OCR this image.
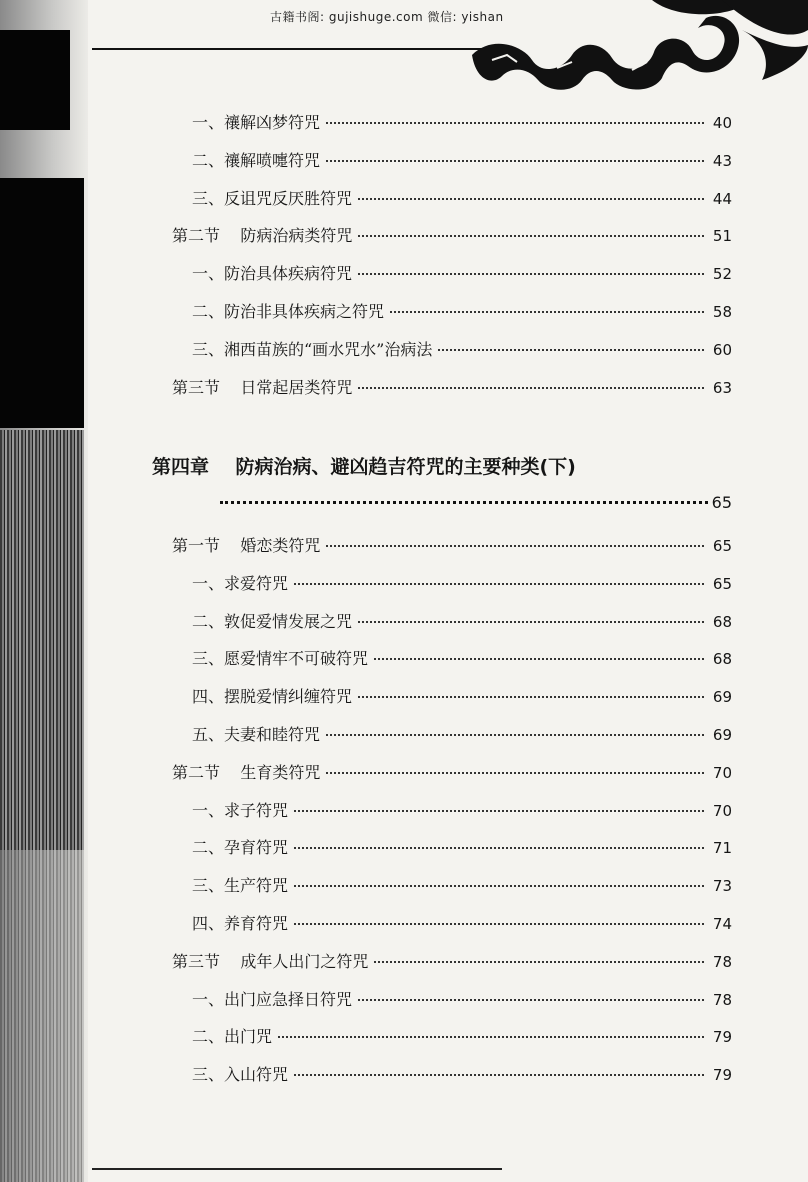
古籍书阁: gujishuge.com 微信: yishan
一、禳解凶梦符咒	40
二、禳解喷嚏符咒	43
三、反诅咒反厌胜符咒	44
第二节    防病治病类符咒	51
一、防治具体疾病符咒	52
二、防治非具体疾病之符咒	58
三、湘西苗族的“画水咒水”治病法	60
第三节    日常起居类符咒	63
第四章    防病治病、避凶趋吉符咒的主要种类(下)
65
第一节    婚恋类符咒	65
一、求爱符咒	65
二、敦促爱情发展之咒	68
三、愿爱情牢不可破符咒	68
四、摆脱爱情纠缠符咒	69
五、夫妻和睦符咒	69
第二节    生育类符咒	70
一、求子符咒	70
二、孕育符咒	71
三、生产符咒	73
四、养育符咒	74
第三节    成年人出门之符咒	78
一、出门应急择日符咒	78
二、出门咒	79
三、入山符咒	79
